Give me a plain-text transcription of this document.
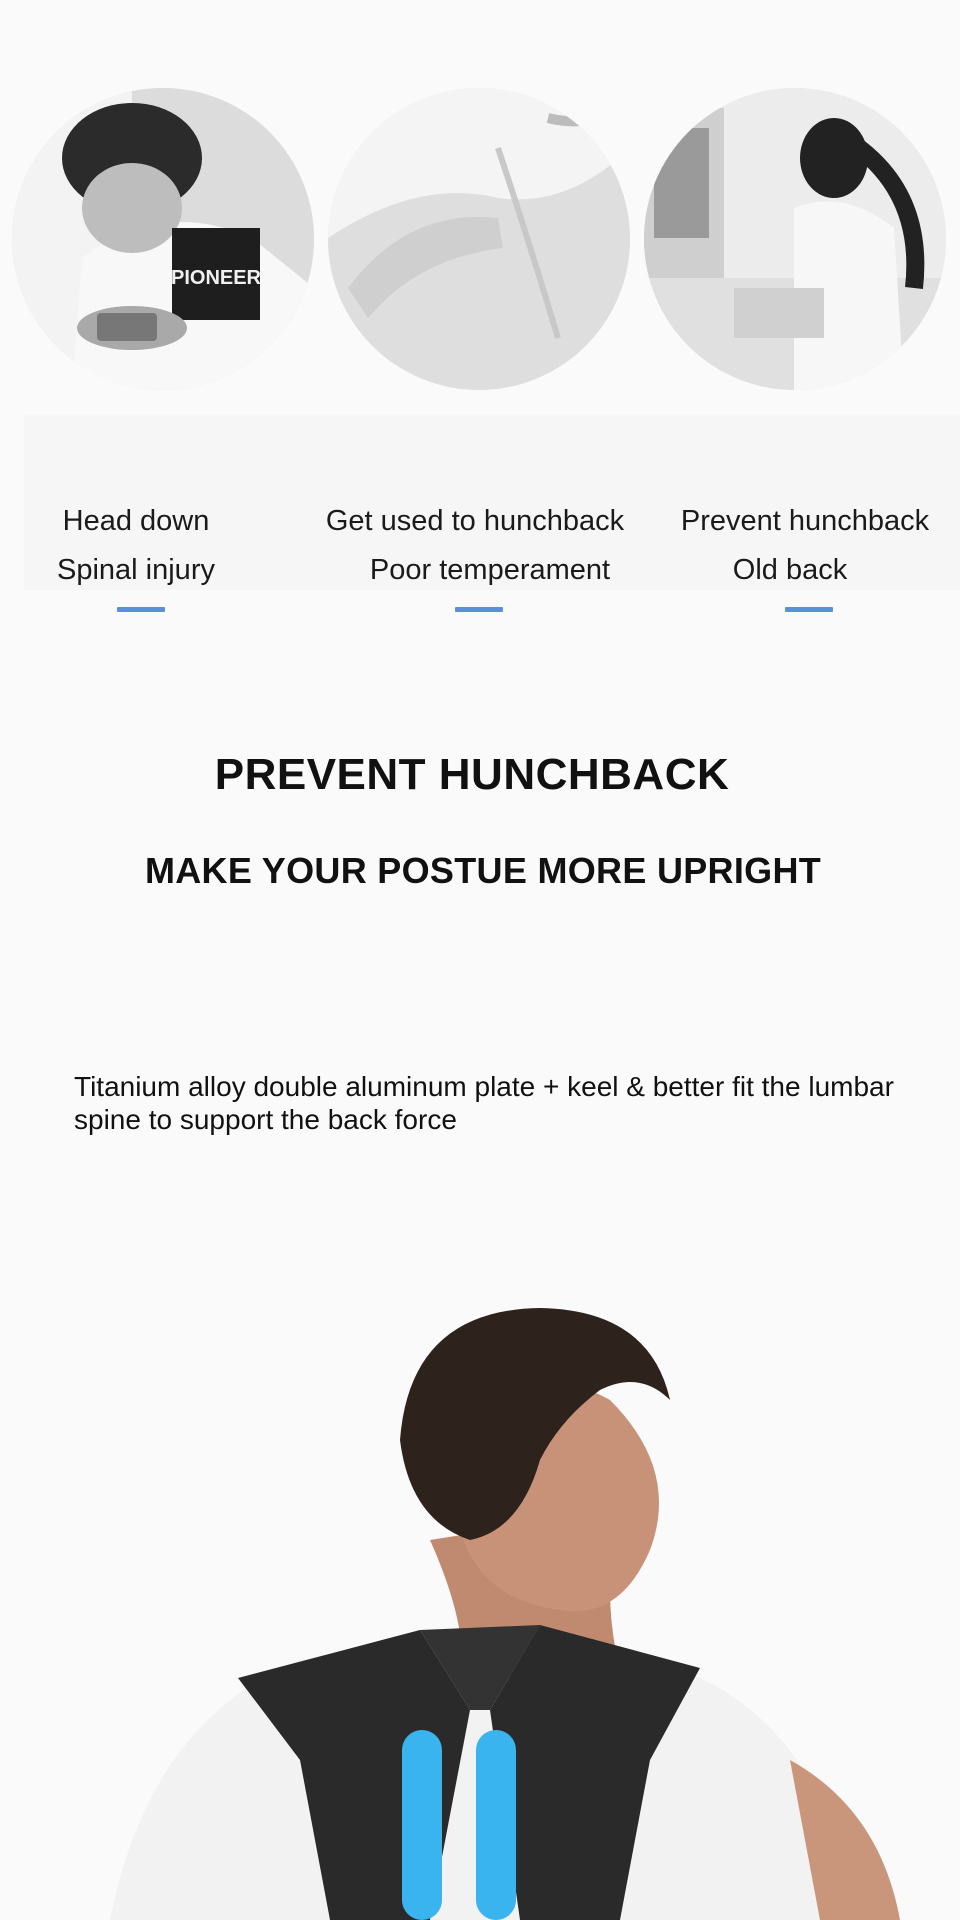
PIONEER
Head down
Spinal injury
Get used to hunchback
Poor temperament
Prevent hunchback
Old back
PREVENT HUNCHBACK
MAKE YOUR POSTUE MORE UPRIGHT
Titanium alloy double aluminum plate + keel & better fit the lumbar spine to support the back force
